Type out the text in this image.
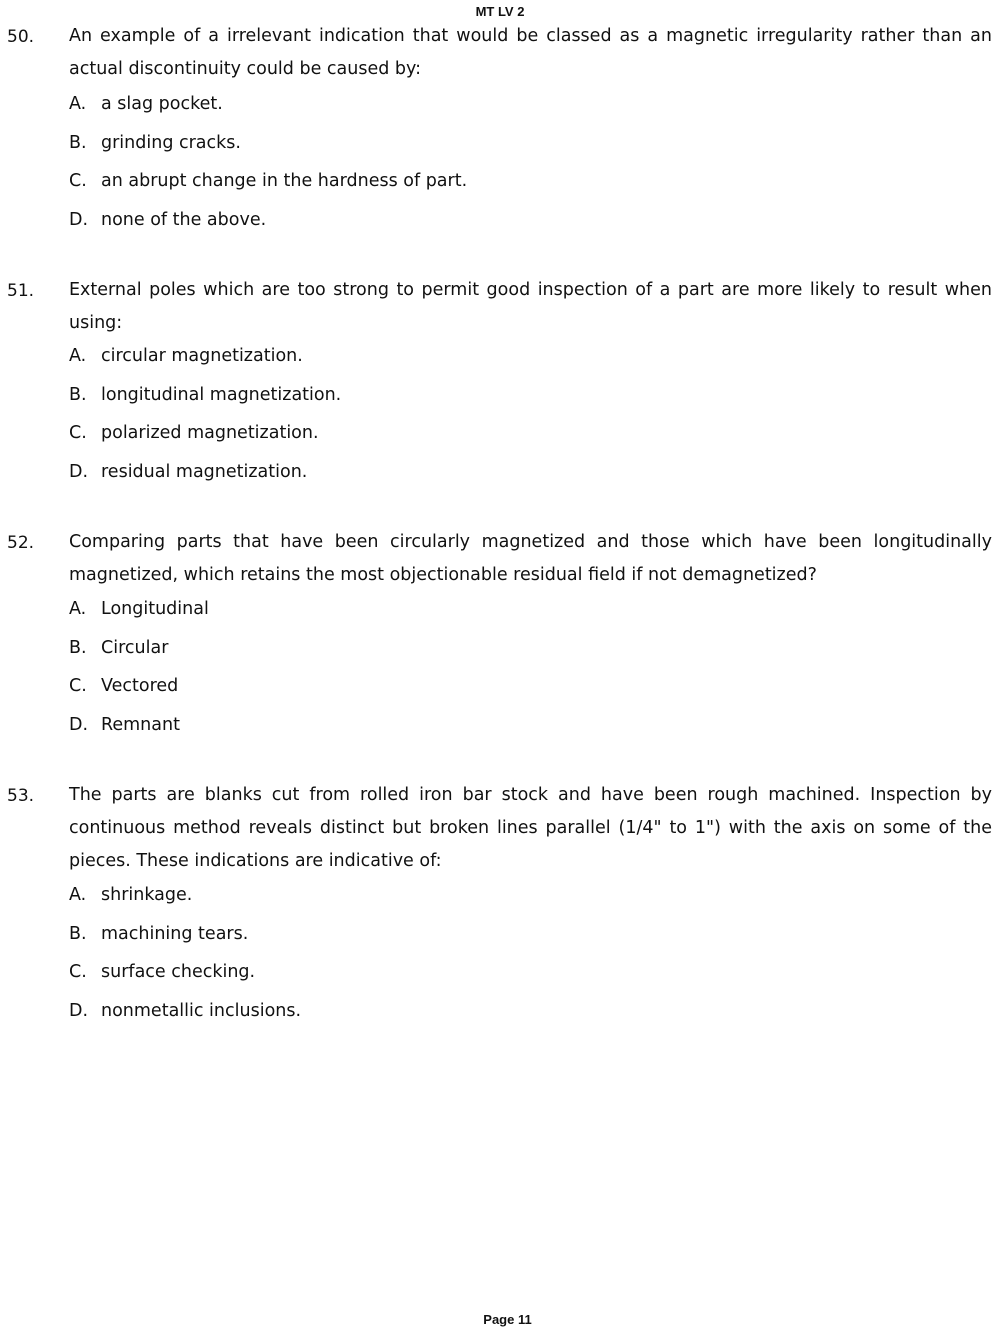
MT LV 2
50. An example of a irrelevant indication that would be classed as a magnetic irregularity rather than an actual discontinuity could be caused by:
A. a slag pocket.
B. grinding cracks.
C. an abrupt change in the hardness of part.
D. none of the above.
51. External poles which are too strong to permit good inspection of a part are more likely to result when using:
A. circular magnetization.
B. longitudinal magnetization.
C. polarized magnetization.
D. residual magnetization.
52. Comparing parts that have been circularly magnetized and those which have been longitudinally magnetized, which retains the most objectionable residual field if not demagnetized?
A. Longitudinal
B. Circular
C. Vectored
D. Remnant
53. The parts are blanks cut from rolled iron bar stock and have been rough machined. Inspection by continuous method reveals distinct but broken lines parallel (1/4" to 1") with the axis on some of the pieces. These indications are indicative of:
A. shrinkage.
B. machining tears.
C. surface checking.
D. nonmetallic inclusions.
Page 11
